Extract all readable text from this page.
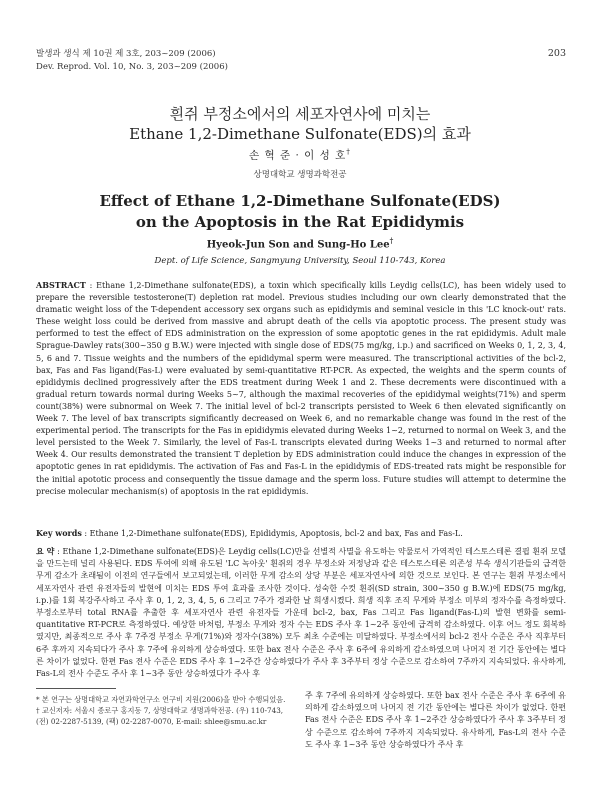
발생과 생식 제 10권 제 3호, 203~209 (2006)
Dev. Reprod. Vol. 10, No. 3, 203~209 (2006)
203
흰쥐 부정소에서의 세포자연사에 미치는
Ethane 1,2-Dimethane Sulfonate(EDS)의 효과
손 혁 준 · 이 성 호†
상명대학교 생명과학전공
Effect of Ethane 1,2-Dimethane Sulfonate(EDS)
on the Apoptosis in the Rat Epididymis
Hyeok-Jun Son and Sung-Ho Lee†
Dept. of Life Science, Sangmyung University, Seoul 110-743, Korea

ABSTRACT : Ethane 1,2-Dimethane sulfonate(EDS), a toxin which specifically kills Leydig cells(LC), has been widely used to prepare the reversible testosterone(T) depletion rat model. Previous studies including our own clearly demonstrated that the dramatic weight loss of the T-dependent accessory sex organs such as epididymis and seminal vesicle in this 'LC knock-out' rats. These weight loss could be derived from massive and abrupt death of the cells via apoptotic process. The present study was performed to test the effect of EDS administration on the expression of some apoptotic genes in the rat epididymis. Adult male Sprague-Dawley rats(300~350 g B.W.) were injected with single dose of EDS(75 mg/kg, i.p.) and sacrificed on Weeks 0, 1, 2, 3, 4, 5, 6 and 7. Tissue weights and the numbers of the epididymal sperm were measured. The transcriptional activities of the bcl-2, bax, Fas and Fas ligand(Fas-L) were evaluated by semi-quantitative RT-PCR. As expected, the weights and the sperm counts of epididymis declined progressively after the EDS treatment during Week 1 and 2. These decrements were discontinued with a gradual return towards normal during Weeks 5~7, although the maximal recoveries of the epididymal weights(71%) and sperm count(38%) were subnormal on Week 7. The initial level of bcl-2 transcripts persisted to Week 6 then elevated significantly on Week 7. The level of bax transcripts significantly decreased on Week 6, and no remarkable change was found in the rest of the experimental period. The transcripts for the Fas in epididymis elevated during Weeks 1~2, returned to normal on Week 3, and the level persisted to the Week 7. Similarly, the level of Fas-L transcripts elevated during Weeks 1~3 and returned to normal after Week 4. Our results demonstrated the transient T depletion by EDS administration could induce the changes in expression of the apoptotic genes in rat epididymis. The activation of Fas and Fas-L in the epididymis of EDS-treated rats might be responsible for the initial apototic process and consequently the tissue damage and the sperm loss. Future studies will attempt to determine the precise molecular mechanism(s) of apoptosis in the rat epididymis.

Key words : Ethane 1,2-Dimethane sulfonate(EDS), Epididymis, Apoptosis, bcl-2 and bax, Fas and Fas-L.

요 약 : Ethane 1,2-Dimethane sulfonate(EDS)은 Leydig cells(LC)만을 선별적 사멸을 유도하는 약물로서 가역적인 테스토스테론 결핍 흰쥐 모델을 만드는데 널리 사용된다. EDS 투여에 의해 유도된 'LC 녹아웃' 흰쥐의 경우 부정소와 저정낭과 같은 테스토스테론 의존성 부속 생식기관들의 급격한 무게 감소가 초래됨이 이전의 연구들에서 보고되었는데, 이러한 무게 감소의 상당 부분은 세포자연사에 의한 것으로 보인다. 본 연구는 흰쥐 부정소에서 세포자연사 관련 유전자들의 발현에 미치는 EDS 투여 효과를 조사한 것이다. 성숙한 수컷 흰쥐(SD strain, 300~350 g B.W.)에 EDS(75 mg/kg, i.p.)를 1회 복강주사하고 주사 후 0, 1, 2, 3, 4, 5, 6 그리고 7주가 경과한 날 희생시켰다. 희생 직후 조직 무게와 부정소 미부의 정자수를 측정하였다. 부정소로부터 total RNA를 추출한 후 세포자연사 관련 유전자들 가운데 bcl-2, bax, Fas 그리고 Fas ligand(Fas-L)의 발현 변화를 semi-quantitative RT-PCR로 측정하였다. 예상한 바처럼, 부정소 무게와 정자 수는 EDS 주사 후 1~2주 동안에 급격히 감소하였다. 이후 어느 정도 회복하였지만, 최종적으로 주사 후 7주경 부정소 무게(71%)와 정자수(38%) 모두 최초 수준에는 미달하였다. 부정소에서의 bcl-2 전사 수준은 주사 직후부터 6주 후까지 지속되다가 주사 후 7주에 유의하게 상승하였다. 또한 bax 전사 수준은 주사 후 6주에 유의하게 감소하였으며 나머지 전 기간 동안에는 별다른 차이가 없었다. 한편 Fas 전사 수준은 EDS 주사 후 1~2주간 상승하였다가 주사 후 3주부터 정상 수준으로 감소하여 7주까지 지속되었다. 유사하게, Fas-L의 전사 수준도 주사 후 1~3주 동안 상승하였다가 주사 후

* 본 연구는 상명대학교 자연과학연구소 연구비 지원(2006)을 받아 수행되었음.
† 교신저자: 서울시 종로구 홍지동 7, 상명대학교 생명과학전공. (우) 110-743, (전) 02-2287-5139, (팩) 02-2287-0070, E-mail: shlee@smu.ac.kr

주 후 7주에 유의하게 상승하였다. 또한 bax 전사 수준은 주사 후 6주에 유의하게 감소하였으며 나머지 전 기간 동안에는 별다른 차이가 없었다. 한편 Fas 전사 수준은 EDS 주사 후 1~2주간 상승하였다가 주사 후 3주부터 정상 수준으로 감소하여 7주까지 지속되었다. 유사하게, Fas-L의 전사 수준도 주사 후 1~3주 동안 상승하였다가 주사 후
